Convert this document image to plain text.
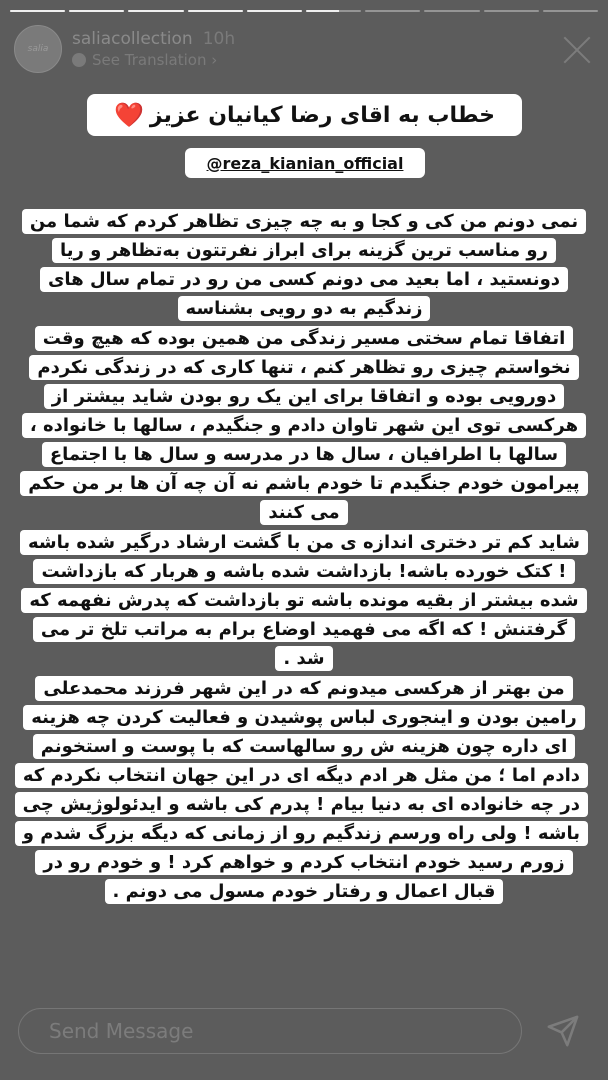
salia saliacollection 10h
See Translation ›
خطاب به اقای رضا کیانیان عزیز
❤️
@reza_kianian_official

نمی دونم من کی و کجا و به چه چیزی تظاهر کردم که شما من رو مناسب ترین گزینه برای ابراز نفرتتون به‌تظاهر و ریا دونستید ، اما بعید می دونم کسی من رو در تمام سال های زندگیم به دو رویی بشناسه

اتفاقا تمام سختی مسیر زندگی من همین بوده که هیچ وقت نخواستم چیزی رو تظاهر کنم ، تنها کاری که در زندگی نکردم دورویی بوده و اتفاقا برای این یک رو بودن شاید بیشتر از هرکسی توی این شهر تاوان دادم و جنگیدم ، سالها با خانواده ، سالها با اطرافیان ، سال ها در مدرسه و سال ها با اجتماع پیرامون خودم جنگیدم تا خودم باشم نه آن چه آن ها بر من حکم می کنند

شاید کم تر دختری اندازه ی من با گشت ارشاد درگیر شده باشه ! کتک خورده باشه! بازداشت شده باشه و هربار که بازداشت شده بیشتر از بقیه مونده باشه تو بازداشت که پدرش نفهمه که گرفتنش ! که اگه می فهمید اوضاع برام به مراتب تلخ تر می شد .

من بهتر از هرکسی میدونم که در این شهر فرزند محمدعلی رامین بودن و اینجوری لباس پوشیدن و فعالیت کردن چه هزینه ای داره چون هزینه ش رو سالهاست که با پوست و استخونم دادم اما ؛ من مثل هر ادم دیگه ای در این جهان انتخاب نکردم که در چه خانواده ای به دنیا بیام ! پدرم کی باشه و ایدئولوژیش چی باشه ! ولی راه ورسم زندگیم رو از زمانی که دیگه بزرگ شدم و زورم رسید خودم انتخاب کردم و خواهم کرد ! و خودم رو در قبال اعمال و رفتار خودم مسول می دونم .

Send Message
